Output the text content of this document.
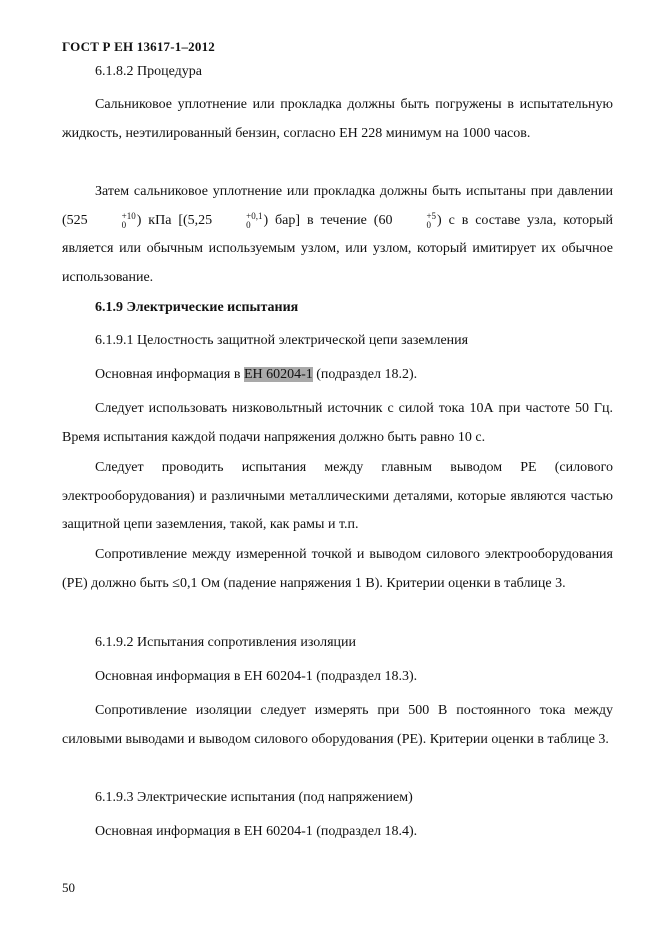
ГОСТ Р ЕН 13617-1–2012
6.1.8.2 Процедура
Сальниковое уплотнение или прокладка должны быть погружены в испытательную жидкость, неэтилированный бензин, согласно ЕН 228 минимум на 1000 часов.
Затем сальниковое уплотнение или прокладка должны быть испытаны при давлении (525	+10
0 ) кПа [(5,25	+0,1
0 ) бар] в течение (60	+5
0 ) с в составе узла, который является или обычным используемым узлом, или узлом, который имитирует их обычное использование.
6.1.9 Электрические испытания
6.1.9.1 Целостность защитной электрической цепи заземления
Основная информация в ЕН 60204-1 (подраздел 18.2).
Следует использовать низковольтный источник с силой тока 10А при частоте 50 Гц. Время испытания каждой подачи напряжения должно быть равно 10 с.
Следует проводить испытания между главным выводом РЕ (силового электрооборудования) и различными металлическими деталями, которые являются частью защитной цепи заземления, такой, как рамы и т.п.
Сопротивление между измеренной точкой и выводом силового электрооборудования (РЕ) должно быть ≤0,1 Ом (падение напряжения 1 В). Критерии оценки в таблице 3.
6.1.9.2 Испытания сопротивления изоляции
Основная информация в ЕН 60204-1 (подраздел 18.3).
Сопротивление изоляции следует измерять при 500 В постоянного тока между силовыми выводами и выводом силового оборудования (РЕ). Критерии оценки в таблице 3.
6.1.9.3 Электрические испытания (под напряжением)
Основная информация в ЕН 60204-1 (подраздел 18.4).
50
